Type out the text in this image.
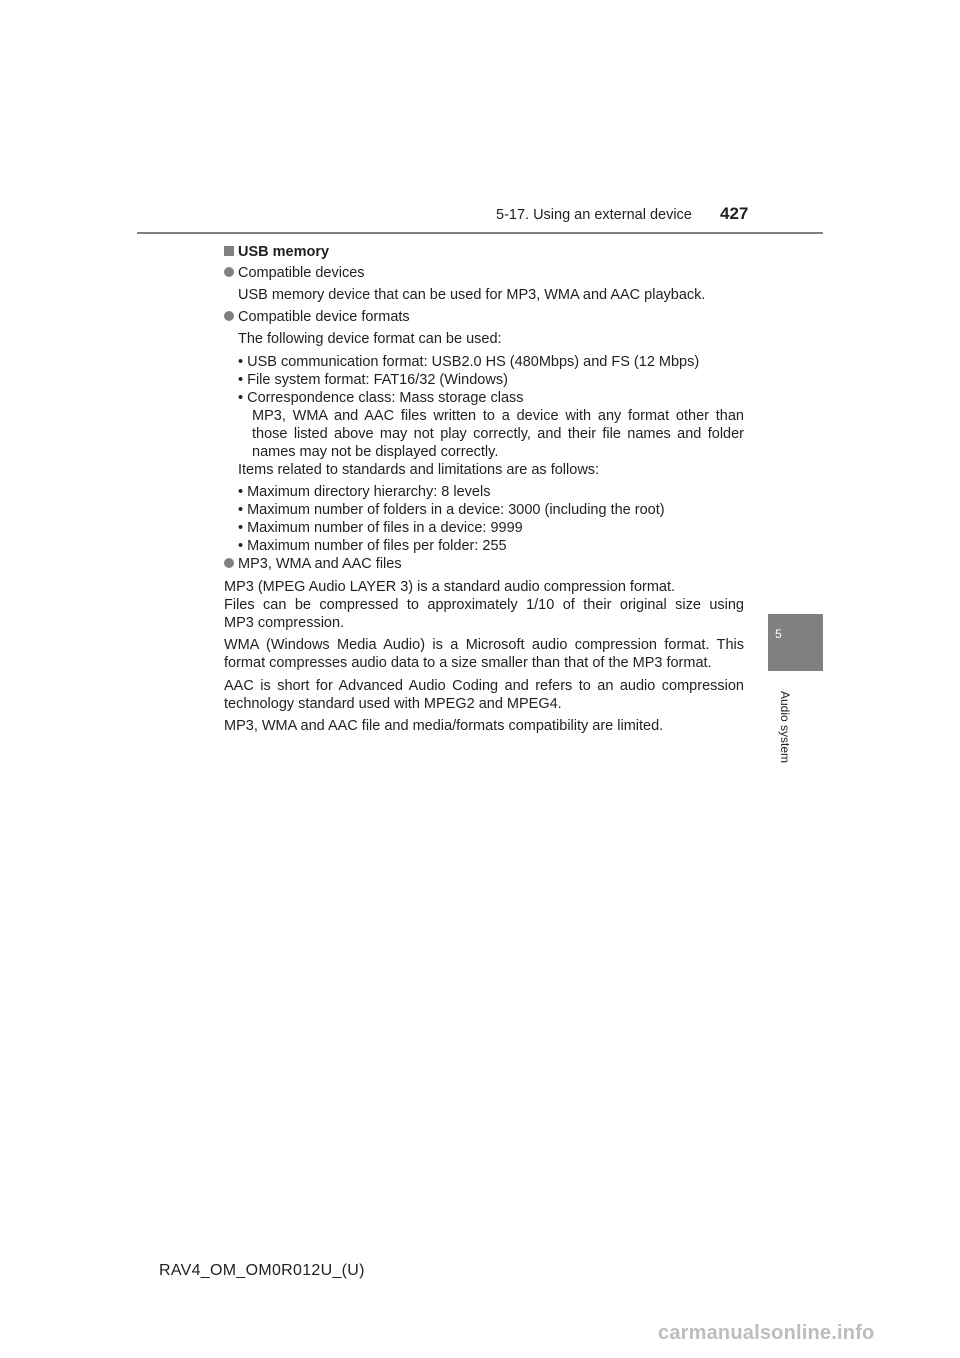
5-17. Using an external device 427
5
Audio system
USB memory
Compatible devices
USB memory device that can be used for MP3, WMA and AAC playback.
Compatible device formats
The following device format can be used:
• USB communication format: USB2.0 HS (480Mbps) and FS (12 Mbps)
• File system format: FAT16/32 (Windows)
• Correspondence class: Mass storage class
MP3, WMA and AAC files written to a device with any format other than
those listed above may not play correctly, and their file names and folder
names may not be displayed correctly.
Items related to standards and limitations are as follows:
• Maximum directory hierarchy: 8 levels
• Maximum number of folders in a device: 3000 (including the root)
• Maximum number of files in a device: 9999
• Maximum number of files per folder: 255
MP3, WMA and AAC files
MP3 (MPEG Audio LAYER 3) is a standard audio compression format.
Files can be compressed to approximately 1/10 of their original size using
MP3 compression.
WMA (Windows Media Audio) is a Microsoft audio compression format. This
format compresses audio data to a size smaller than that of the MP3 format.
AAC is short for Advanced Audio Coding and refers to an audio compression
technology standard used with MPEG2 and MPEG4.
MP3, WMA and AAC file and media/formats compatibility are limited.
RAV4_OM_OM0R012U_(U)
carmanualsonline.info
